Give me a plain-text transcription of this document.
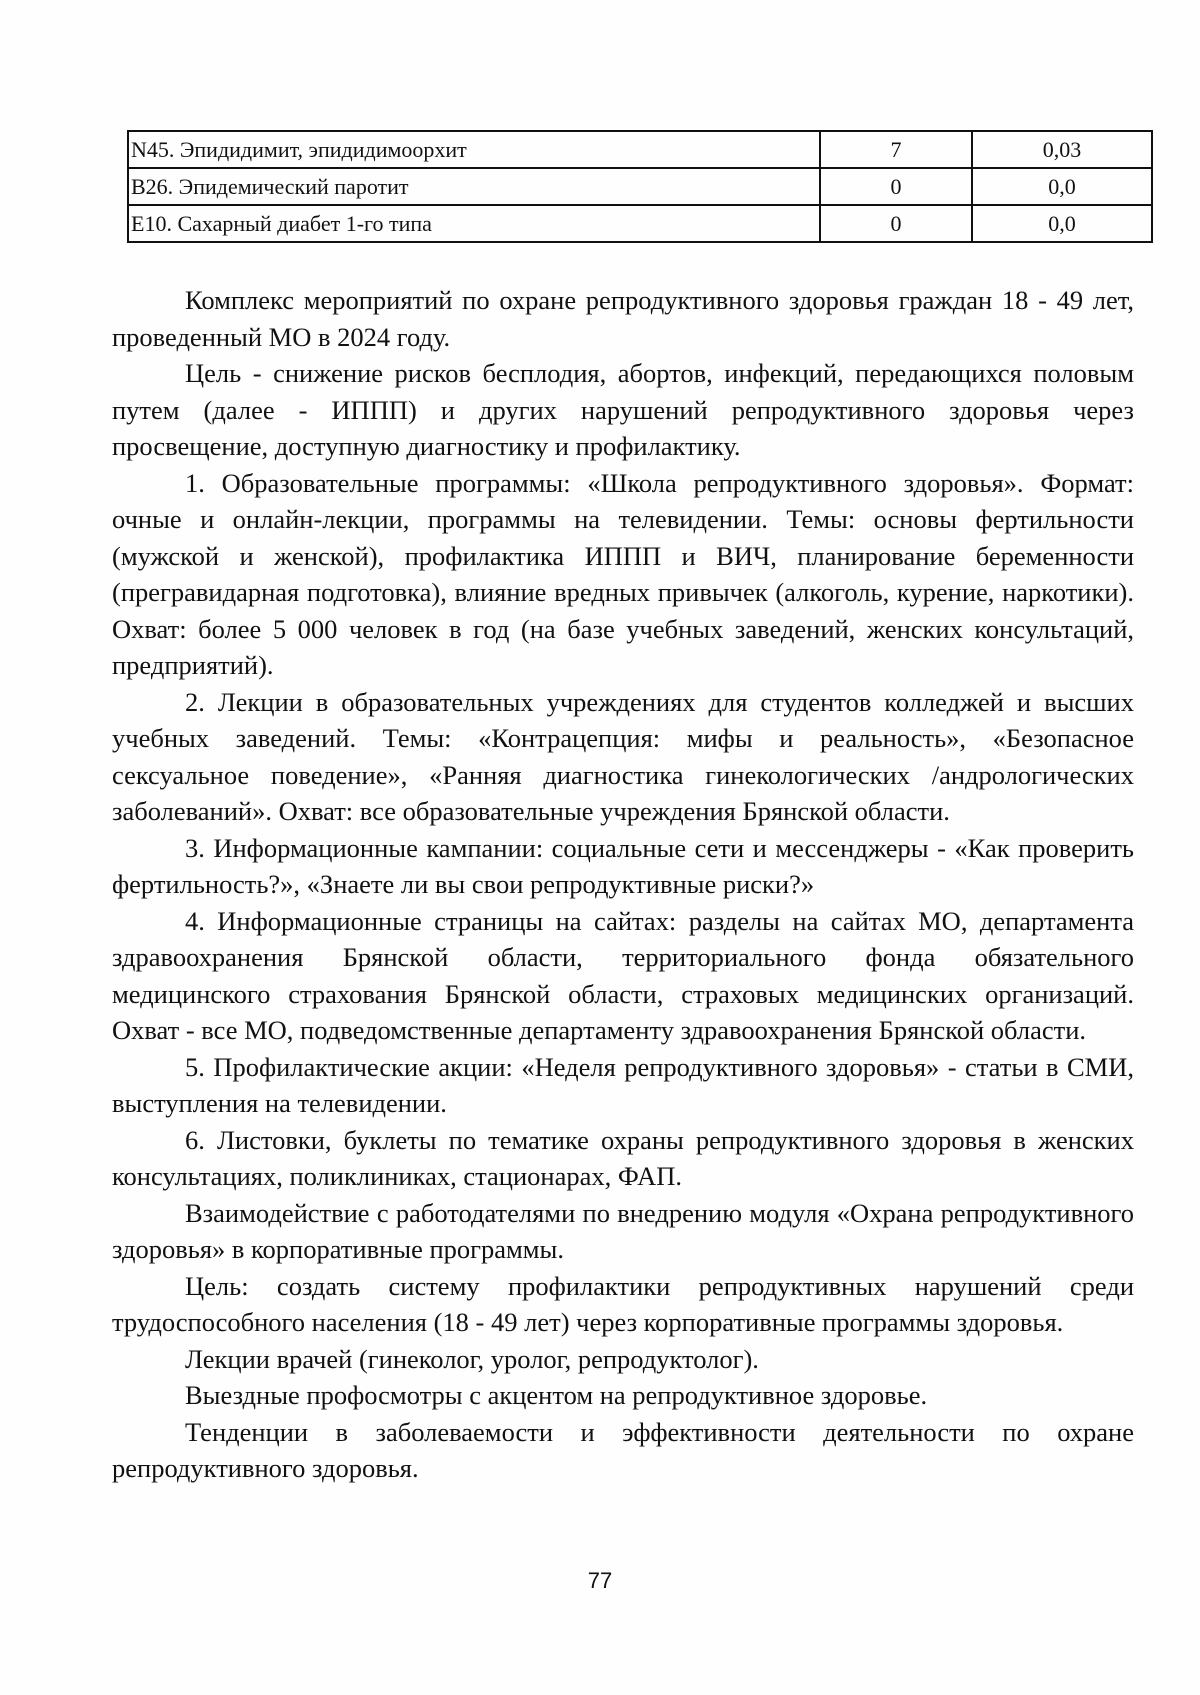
N45. Эпидидимит, эпидидимоорхит	7	0,03
B26. Эпидемический паротит	0	0,0
E10. Сахарный диабет 1-го типа	0	0,0

Комплекс мероприятий по охране репродуктивного здоровья граждан 18 - 49 лет, проведенный МО в 2024 году.

Цель - снижение рисков бесплодия, абортов, инфекций, передающихся половым путем (далее - ИППП) и других нарушений репродуктивного здоровья через просвещение, доступную диагностику и профилактику.

1. Образовательные программы: «Школа репродуктивного здоровья». Формат: очные и онлайн-лекции, программы на телевидении. Темы: основы фертильности (мужской и женской), профилактика ИППП и ВИЧ, планирование беременности (прегравидарная подготовка), влияние вредных привычек (алкоголь, курение, наркотики). Охват: более 5 000 человек в год (на базе учебных заведений, женских консультаций, предприятий).

2. Лекции в образовательных учреждениях для студентов колледжей и высших учебных заведений. Темы: «Контрацепция: мифы и реальность», «Безопасное сексуальное поведение», «Ранняя диагностика гинекологических /андрологических заболеваний». Охват: все образовательные учреждения Брянской области.

3. Информационные кампании: социальные сети и мессенджеры - «Как проверить фертильность?», «Знаете ли вы свои репродуктивные риски?»

4. Информационные страницы на сайтах: разделы на сайтах МО, департамента здравоохранения Брянской области, территориального фонда обязательного медицинского страхования Брянской области, страховых медицинских организаций. Охват - все МО, подведомственные департаменту здравоохранения Брянской области.

5. Профилактические акции: «Неделя репродуктивного здоровья» - статьи в СМИ, выступления на телевидении.

6. Листовки, буклеты по тематике охраны репродуктивного здоровья в женских консультациях, поликлиниках, стационарах, ФАП.

Взаимодействие с работодателями по внедрению модуля «Охрана репродуктивного здоровья» в корпоративные программы.

Цель: создать систему профилактики репродуктивных нарушений среди трудоспособного населения (18 - 49 лет) через корпоративные программы здоровья.

Лекции врачей (гинеколог, уролог, репродуктолог).

Выездные профосмотры с акцентом на репродуктивное здоровье.

Тенденции в заболеваемости и эффективности деятельности по охране репродуктивного здоровья.

77
